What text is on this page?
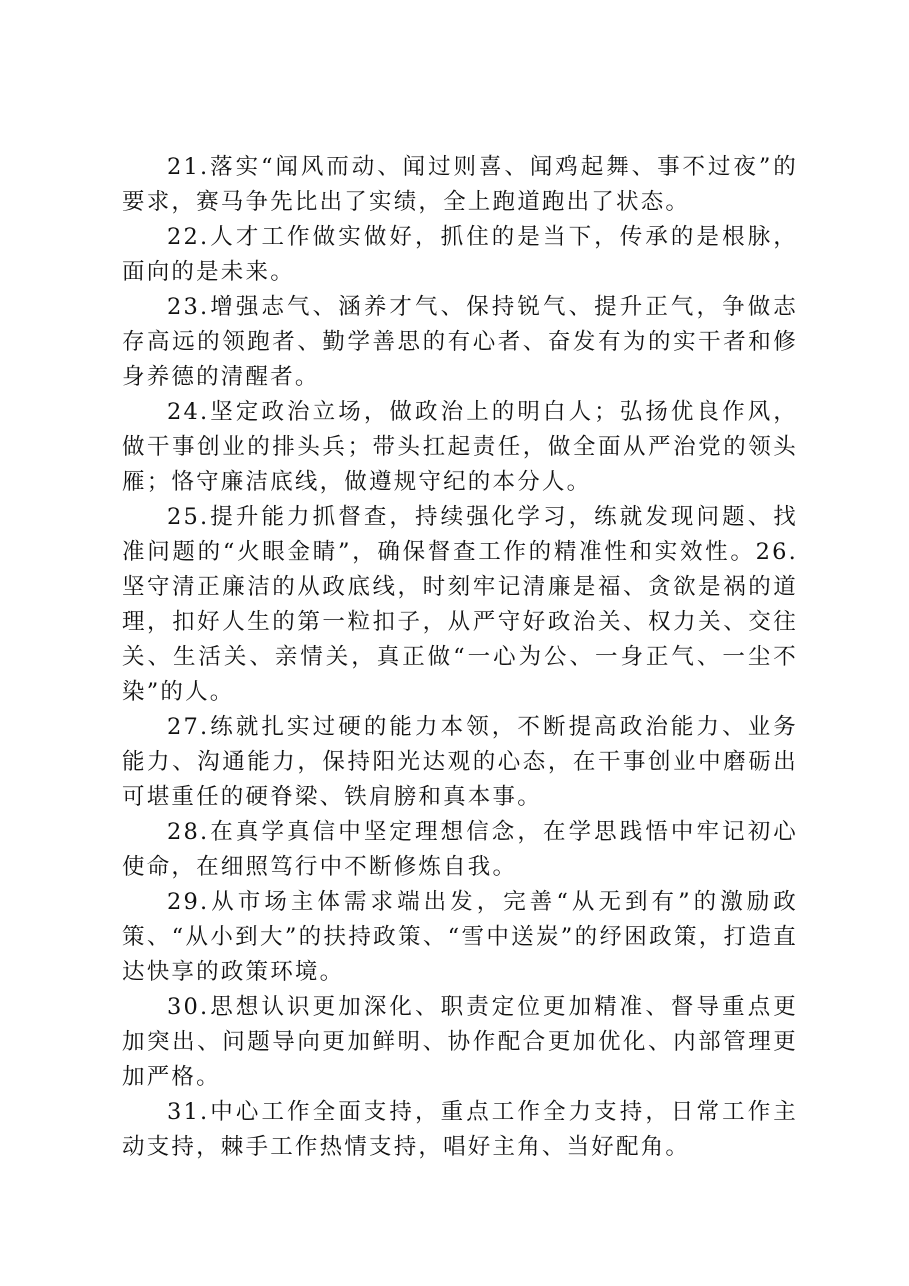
21.落实“闻风而动、闻过则喜、闻鸡起舞、事不过夜”的要求，赛马争先比出了实绩，全上跑道跑出了状态。

22.人才工作做实做好，抓住的是当下，传承的是根脉，面向的是未来。

23.增强志气、涵养才气、保持锐气、提升正气，争做志存高远的领跑者、勤学善思的有心者、奋发有为的实干者和修身养德的清醒者。

24.坚定政治立场，做政治上的明白人；弘扬优良作风，做干事创业的排头兵；带头扛起责任，做全面从严治党的领头雁；恪守廉洁底线，做遵规守纪的本分人。

25.提升能力抓督查，持续强化学习，练就发现问题、找准问题的“火眼金睛”，确保督查工作的精准性和实效性。26.坚守清正廉洁的从政底线，时刻牢记清廉是福、贪欲是祸的道理，扣好人生的第一粒扣子，从严守好政治关、权力关、交往关、生活关、亲情关，真正做“一心为公、一身正气、一尘不染”的人。

27.练就扎实过硬的能力本领，不断提高政治能力、业务能力、沟通能力，保持阳光达观的心态，在干事创业中磨砺出可堪重任的硬脊梁、铁肩膀和真本事。

28.在真学真信中坚定理想信念，在学思践悟中牢记初心使命，在细照笃行中不断修炼自我。

29.从市场主体需求端出发，完善“从无到有”的激励政策、“从小到大”的扶持政策、“雪中送炭”的纾困政策，打造直达快享的政策环境。

30.思想认识更加深化、职责定位更加精准、督导重点更加突出、问题导向更加鲜明、协作配合更加优化、内部管理更加严格。

31.中心工作全面支持，重点工作全力支持，日常工作主动支持，棘手工作热情支持，唱好主角、当好配角。
